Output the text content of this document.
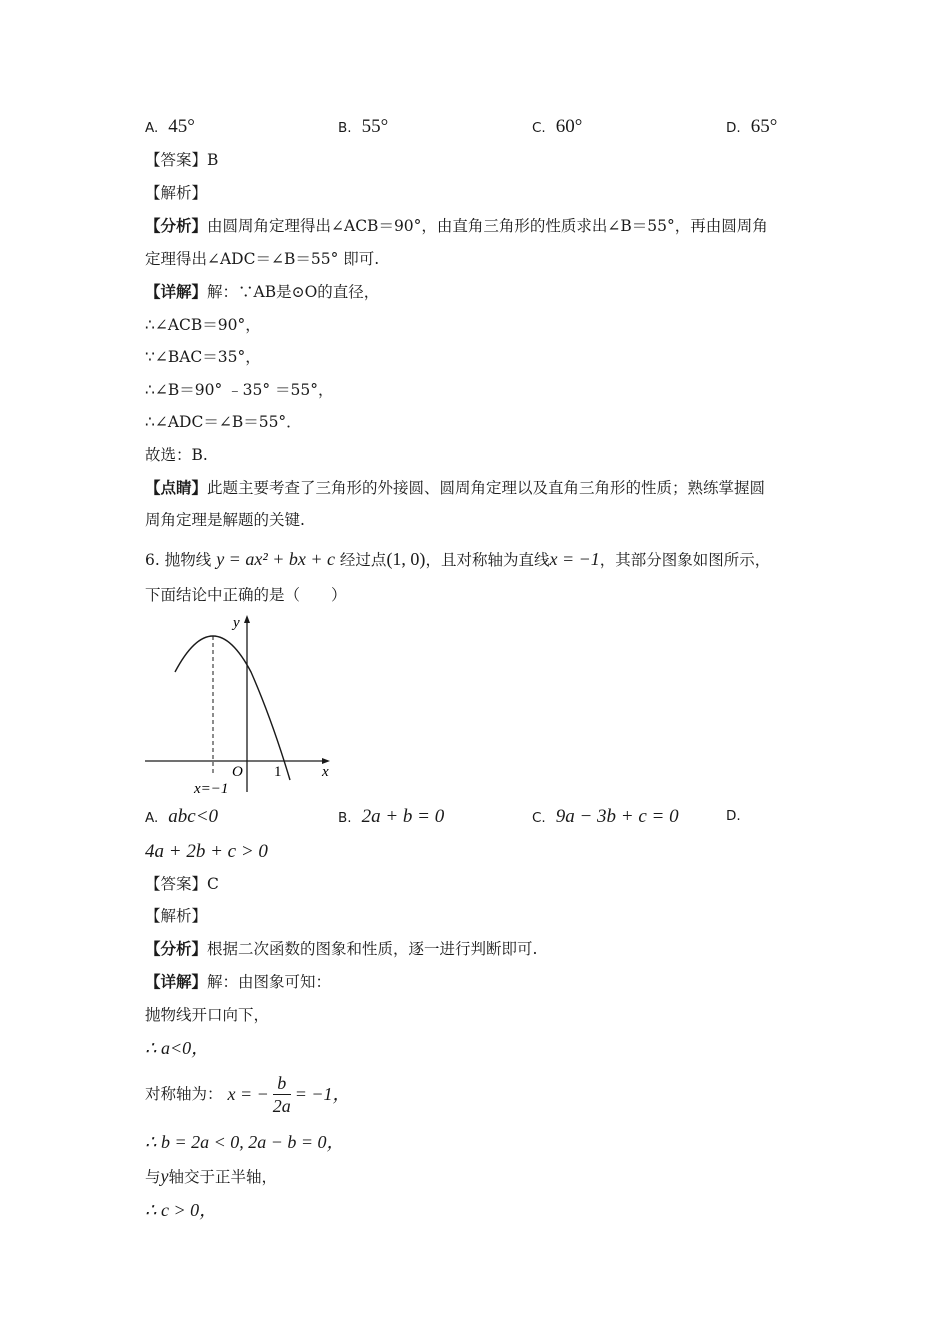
A. 45°	B. 55°	C. 60°	D. 65°
【答案】B
【解析】
【分析】由圆周角定理得出∠ACB＝90°，由直角三角形的性质求出∠B＝55°，再由圆周角
定理得出∠ADC＝∠B＝55° 即可.
【详解】解：∵AB是⊙O的直径，
∴∠ACB＝90°，
∵∠BAC＝35°，
∴∠B＝90° ﹣35° ＝55°，
∴∠ADC＝∠B＝55°．
故选：B.
【点睛】此题主要考查了三角形的外接圆、圆周角定理以及直角三角形的性质；熟练掌握圆
周角定理是解题的关键.
6. 抛物线 y = ax² + bx + c 经过点(1, 0)，且对称轴为直线x = −1，其部分图象如图所示，
下面结论中正确的是（　　）
y
x
O 1
x=−1
A. abc<0	B. 2a + b = 0	C. 9a − 3b + c = 0	D.
4a + 2b + c > 0
【答案】C
【解析】
【分析】根据二次函数的图象和性质，逐一进行判断即可.
【详解】解：由图象可知：
抛物线开口向下，
∴ a<0，
对称轴为： x = − $\frac{b}{2a} = -1$，
∴ b = 2a < 0, 2a − b = 0，
与y轴交于正半轴，
∴ c > 0，
